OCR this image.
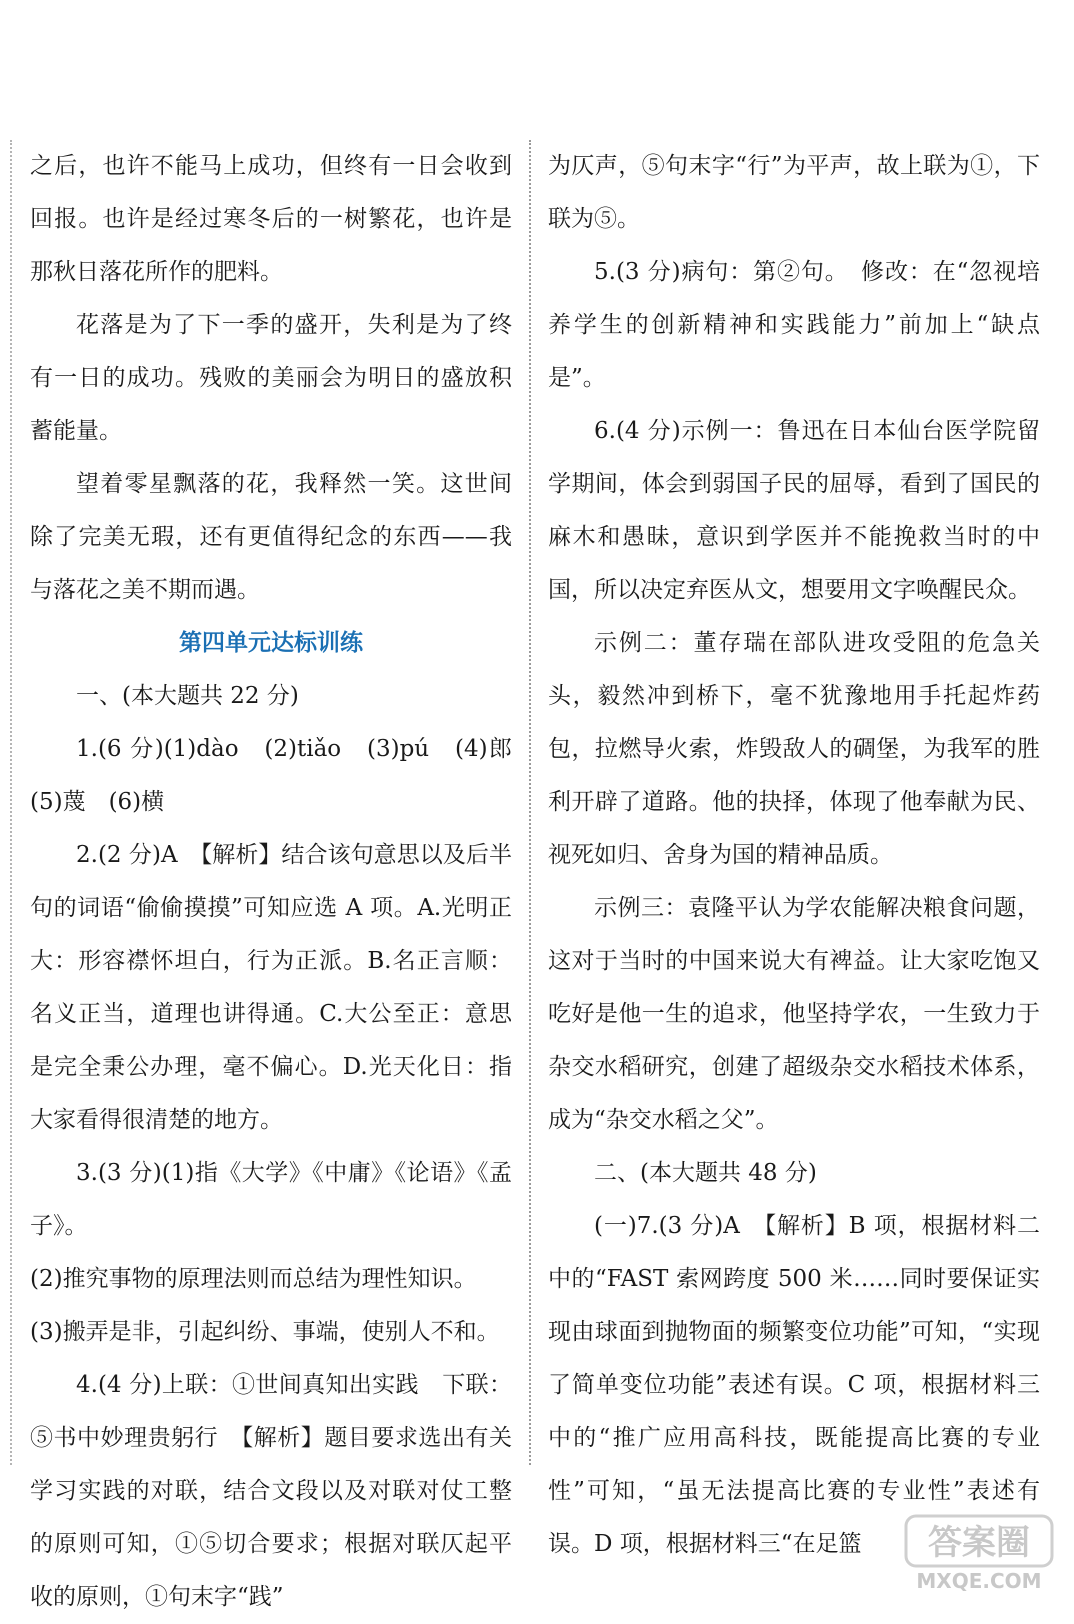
之后，也许不能马上成功，但终有一日会收到回报。也许是经过寒冬后的一树繁花，也许是那秋日落花所作的肥料。

花落是为了下一季的盛开，失利是为了终有一日的成功。残败的美丽会为明日的盛放积蓄能量。

望着零星飘落的花，我释然一笑。这世间除了完美无瑕，还有更值得纪念的东西——我与落花之美不期而遇。

第四单元达标训练

一、(本大题共 22 分)

1.(6 分)(1)dào　(2)tiǎo　(3)pú　(4)郎　(5)蔑　(6)横

2.(2 分)A　【解析】结合该句意思以及后半句的词语“偷偷摸摸”可知应选 A 项。A.光明正大：形容襟怀坦白，行为正派。B.名正言顺：名义正当，道理也讲得通。C.大公至正：意思是完全秉公办理，毫不偏心。D.光天化日：指大家看得很清楚的地方。

3.(3 分)(1)指《大学》《中庸》《论语》《孟子》。

(2)推究事物的原理法则而总结为理性知识。

(3)搬弄是非，引起纠纷、事端，使别人不和。

4.(4 分)上联：①世间真知出实践　下联：⑤书中妙理贵躬行　【解析】题目要求选出有关学习实践的对联，结合文段以及对联对仗工整的原则可知，①⑤切合要求；根据对联仄起平收的原则，①句末字“践”

为仄声，⑤句末字“行”为平声，故上联为①，下联为⑤。

5.(3 分)病句：第②句。　修改：在“忽视培养学生的创新精神和实践能力”前加上“缺点是”。

6.(4 分)示例一：鲁迅在日本仙台医学院留学期间，体会到弱国子民的屈辱，看到了国民的麻木和愚昧，意识到学医并不能挽救当时的中国，所以决定弃医从文，想要用文字唤醒民众。

示例二：董存瑞在部队进攻受阻的危急关头，毅然冲到桥下，毫不犹豫地用手托起炸药包，拉燃导火索，炸毁敌人的碉堡，为我军的胜利开辟了道路。他的抉择，体现了他奉献为民、视死如归、舍身为国的精神品质。

示例三：袁隆平认为学农能解决粮食问题，这对于当时的中国来说大有裨益。让大家吃饱又吃好是他一生的追求，他坚持学农，一生致力于杂交水稻研究，创建了超级杂交水稻技术体系，成为“杂交水稻之父”。

二、(本大题共 48 分)

(一)7.(3 分)A　【解析】B 项，根据材料二中的“FAST 索网跨度 500 米……同时要保证实现由球面到抛物面的频繁变位功能”可知，“实现了简单变位功能”表述有误。C 项，根据材料三中的“推广应用高科技，既能提高比赛的专业性”可知，“虽无法提高比赛的专业性”表述有误。D 项，根据材料三“在足篮	答案圈
MXQE.COM
